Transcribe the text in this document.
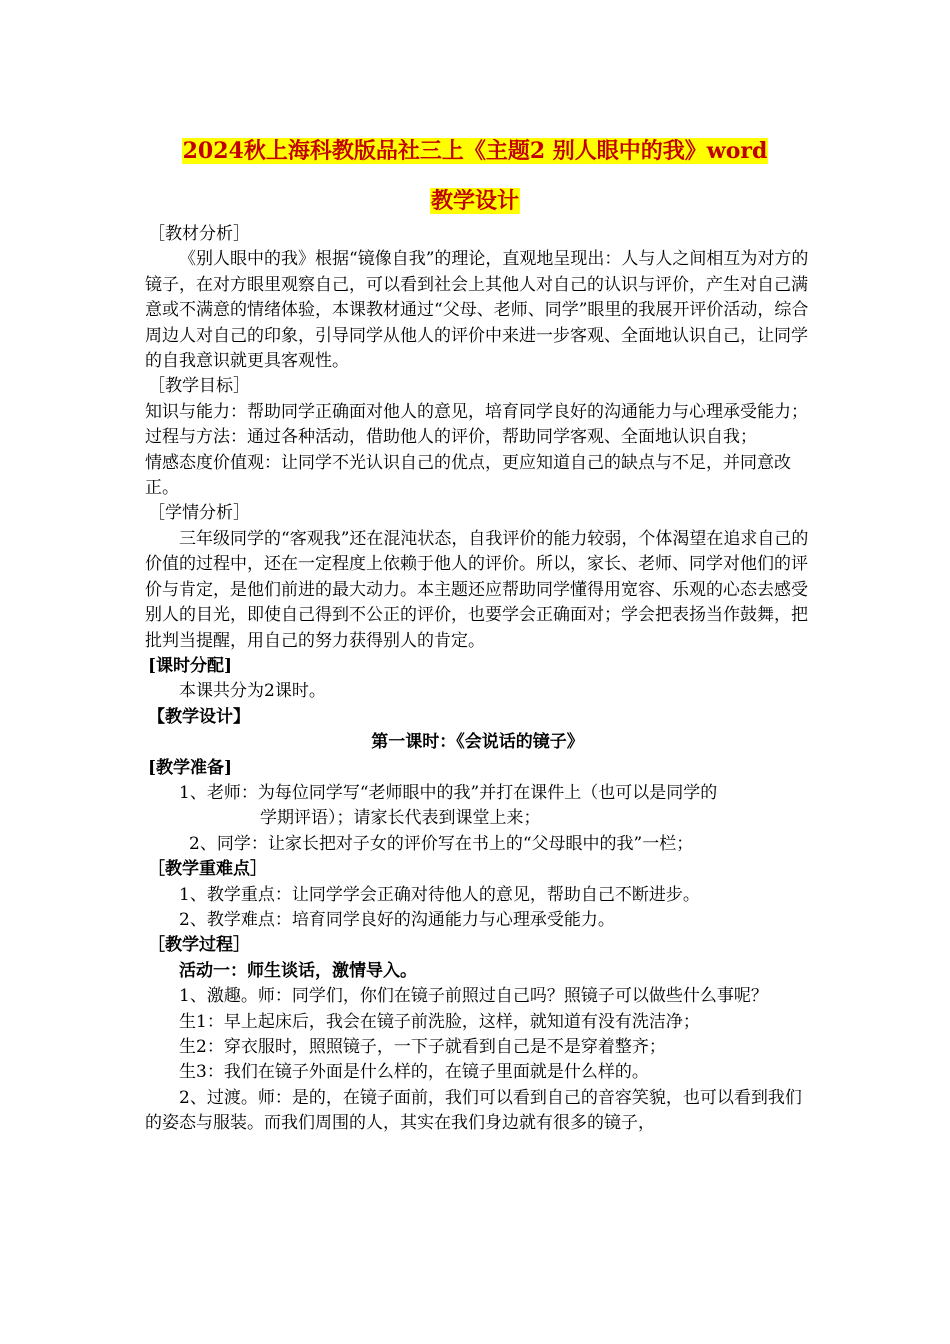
2024秋上海科教版品社三上《主题2 别人眼中的我》word
教学设计

［教材分析］

《别人眼中的我》根据“镜像自我”的理论，直观地呈现出：人与人之间相互为对方的镜子，在对方眼里观察自己，可以看到社会上其他人对自己的认识与评价，产生对自己满意或不满意的情绪体验，本课教材通过“父母、老师、同学”眼里的我展开评价活动，综合周边人对自己的印象，引导同学从他人的评价中来进一步客观、全面地认识自己，让同学的自我意识就更具客观性。

［教学目标］

知识与能力：帮助同学正确面对他人的意见，培育同学良好的沟通能力与心理承受能力；

过程与方法：通过各种活动，借助他人的评价，帮助同学客观、全面地认识自我；

情感态度价值观：让同学不光认识自己的优点，更应知道自己的缺点与不足，并同意改正。

［学情分析］

三年级同学的“客观我”还在混沌状态，自我评价的能力较弱，个体渴望在追求自己的价值的过程中，还在一定程度上依赖于他人的评价。所以，家长、老师、同学对他们的评价与肯定，是他们前进的最大动力。本主题还应帮助同学懂得用宽容、乐观的心态去感受别人的目光，即使自己得到不公正的评价，也要学会正确面对；学会把表扬当作鼓舞，把批判当提醒，用自己的努力获得别人的肯定。

[课时分配]

本课共分为2课时。

【教学设计】

第一课时：《会说话的镜子》

[教学准备]

1、老师：为每位同学写“老师眼中的我”并打在课件上（也可以是同学的

学期评语）；请家长代表到课堂上来；

2、同学：让家长把对子女的评价写在书上的“父母眼中的我”一栏；

［教学重难点］

1、教学重点：让同学学会正确对待他人的意见，帮助自己不断进步。

2、教学难点：培育同学良好的沟通能力与心理承受能力。

［教学过程］

活动一：师生谈话，激情导入。

1、激趣。师：同学们，你们在镜子前照过自己吗？照镜子可以做些什么事呢？

生1：早上起床后，我会在镜子前洗脸，这样，就知道有没有洗洁净；

生2：穿衣服时，照照镜子，一下子就看到自己是不是穿着整齐；

生3：我们在镜子外面是什么样的，在镜子里面就是什么样的。

2、过渡。师：是的，在镜子面前，我们可以看到自己的音容笑貌，也可以看到我们的姿态与服装。而我们周围的人，其实在我们身边就有很多的镜子，
